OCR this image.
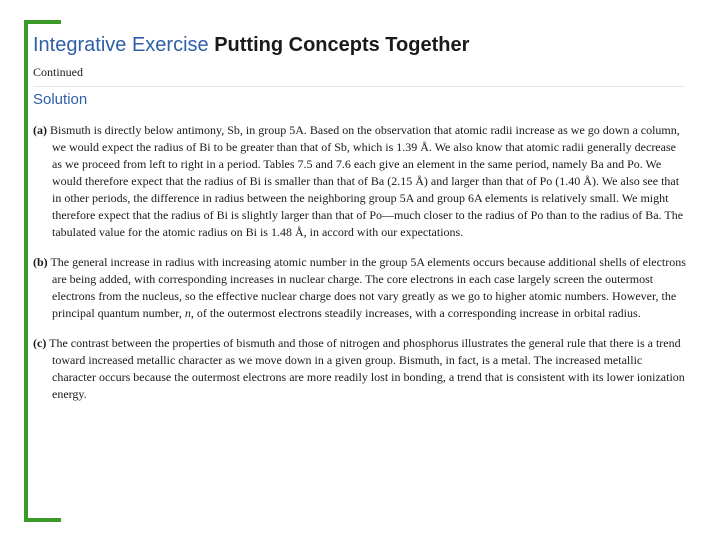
Integrative Exercise Putting Concepts Together
Continued
Solution

(a) Bismuth is directly below antimony, Sb, in group 5A. Based on the observation that atomic radii increase as we go down a column, we would expect the radius of Bi to be greater than that of Sb, which is 1.39 Å. We also know that atomic radii generally decrease as we proceed from left to right in a period. Tables 7.5 and 7.6 each give an element in the same period, namely Ba and Po. We would therefore expect that the radius of Bi is smaller than that of Ba (2.15 Å) and larger than that of Po (1.40 Å). We also see that in other periods, the difference in radius between the neighboring group 5A and group 6A elements is relatively small. We might therefore expect that the radius of Bi is slightly larger than that of Po—much closer to the radius of Po than to the radius of Ba. The tabulated value for the atomic radius on Bi is 1.48 Å, in accord with our expectations.

(b) The general increase in radius with increasing atomic number in the group 5A elements occurs because additional shells of electrons are being added, with corresponding increases in nuclear charge. The core electrons in each case largely screen the outermost electrons from the nucleus, so the effective nuclear charge does not vary greatly as we go to higher atomic numbers. However, the principal quantum number, n, of the outermost electrons steadily increases, with a corresponding increase in orbital radius.

(c) The contrast between the properties of bismuth and those of nitrogen and phosphorus illustrates the general rule that there is a trend toward increased metallic character as we move down in a given group. Bismuth, in fact, is a metal. The increased metallic character occurs because the outermost electrons are more readily lost in bonding, a trend that is consistent with its lower ionization energy.
